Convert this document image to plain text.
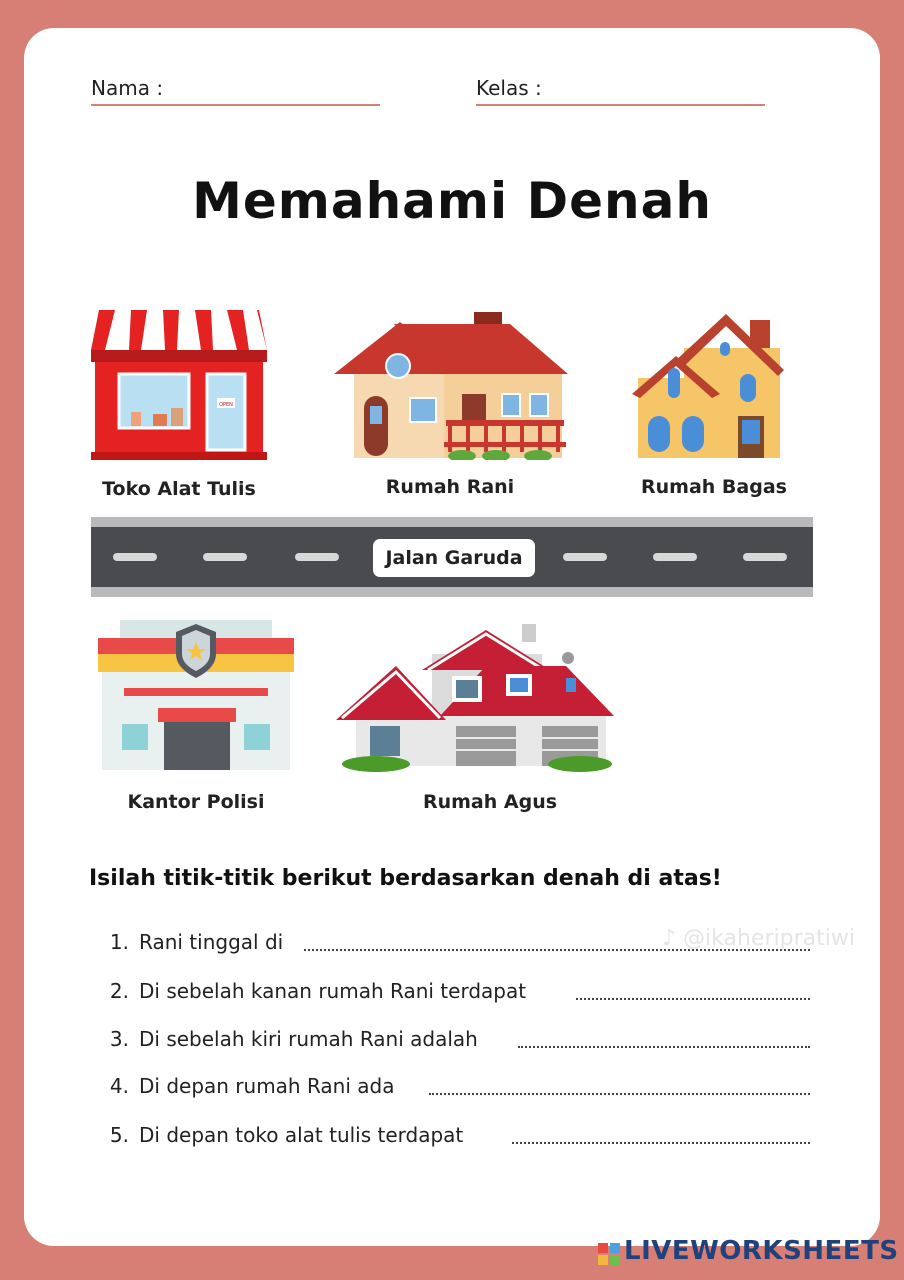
Nama :	Kelas :
Memahami Denah
OPEN
Toko Alat Tulis	Rumah Rani	Rumah Bagas
Jalan Garuda
Kantor Polisi	Rumah Agus
Isilah titik-titik berikut berdasarkan denah di atas!
1. Rani tinggal di
2. Di sebelah kanan rumah Rani terdapat
3. Di sebelah kiri rumah Rani adalah
4. Di depan rumah Rani ada
5. Di depan toko alat tulis terdapat
♪ @ikaheripratiwi
LIVEWORKSHEETS
